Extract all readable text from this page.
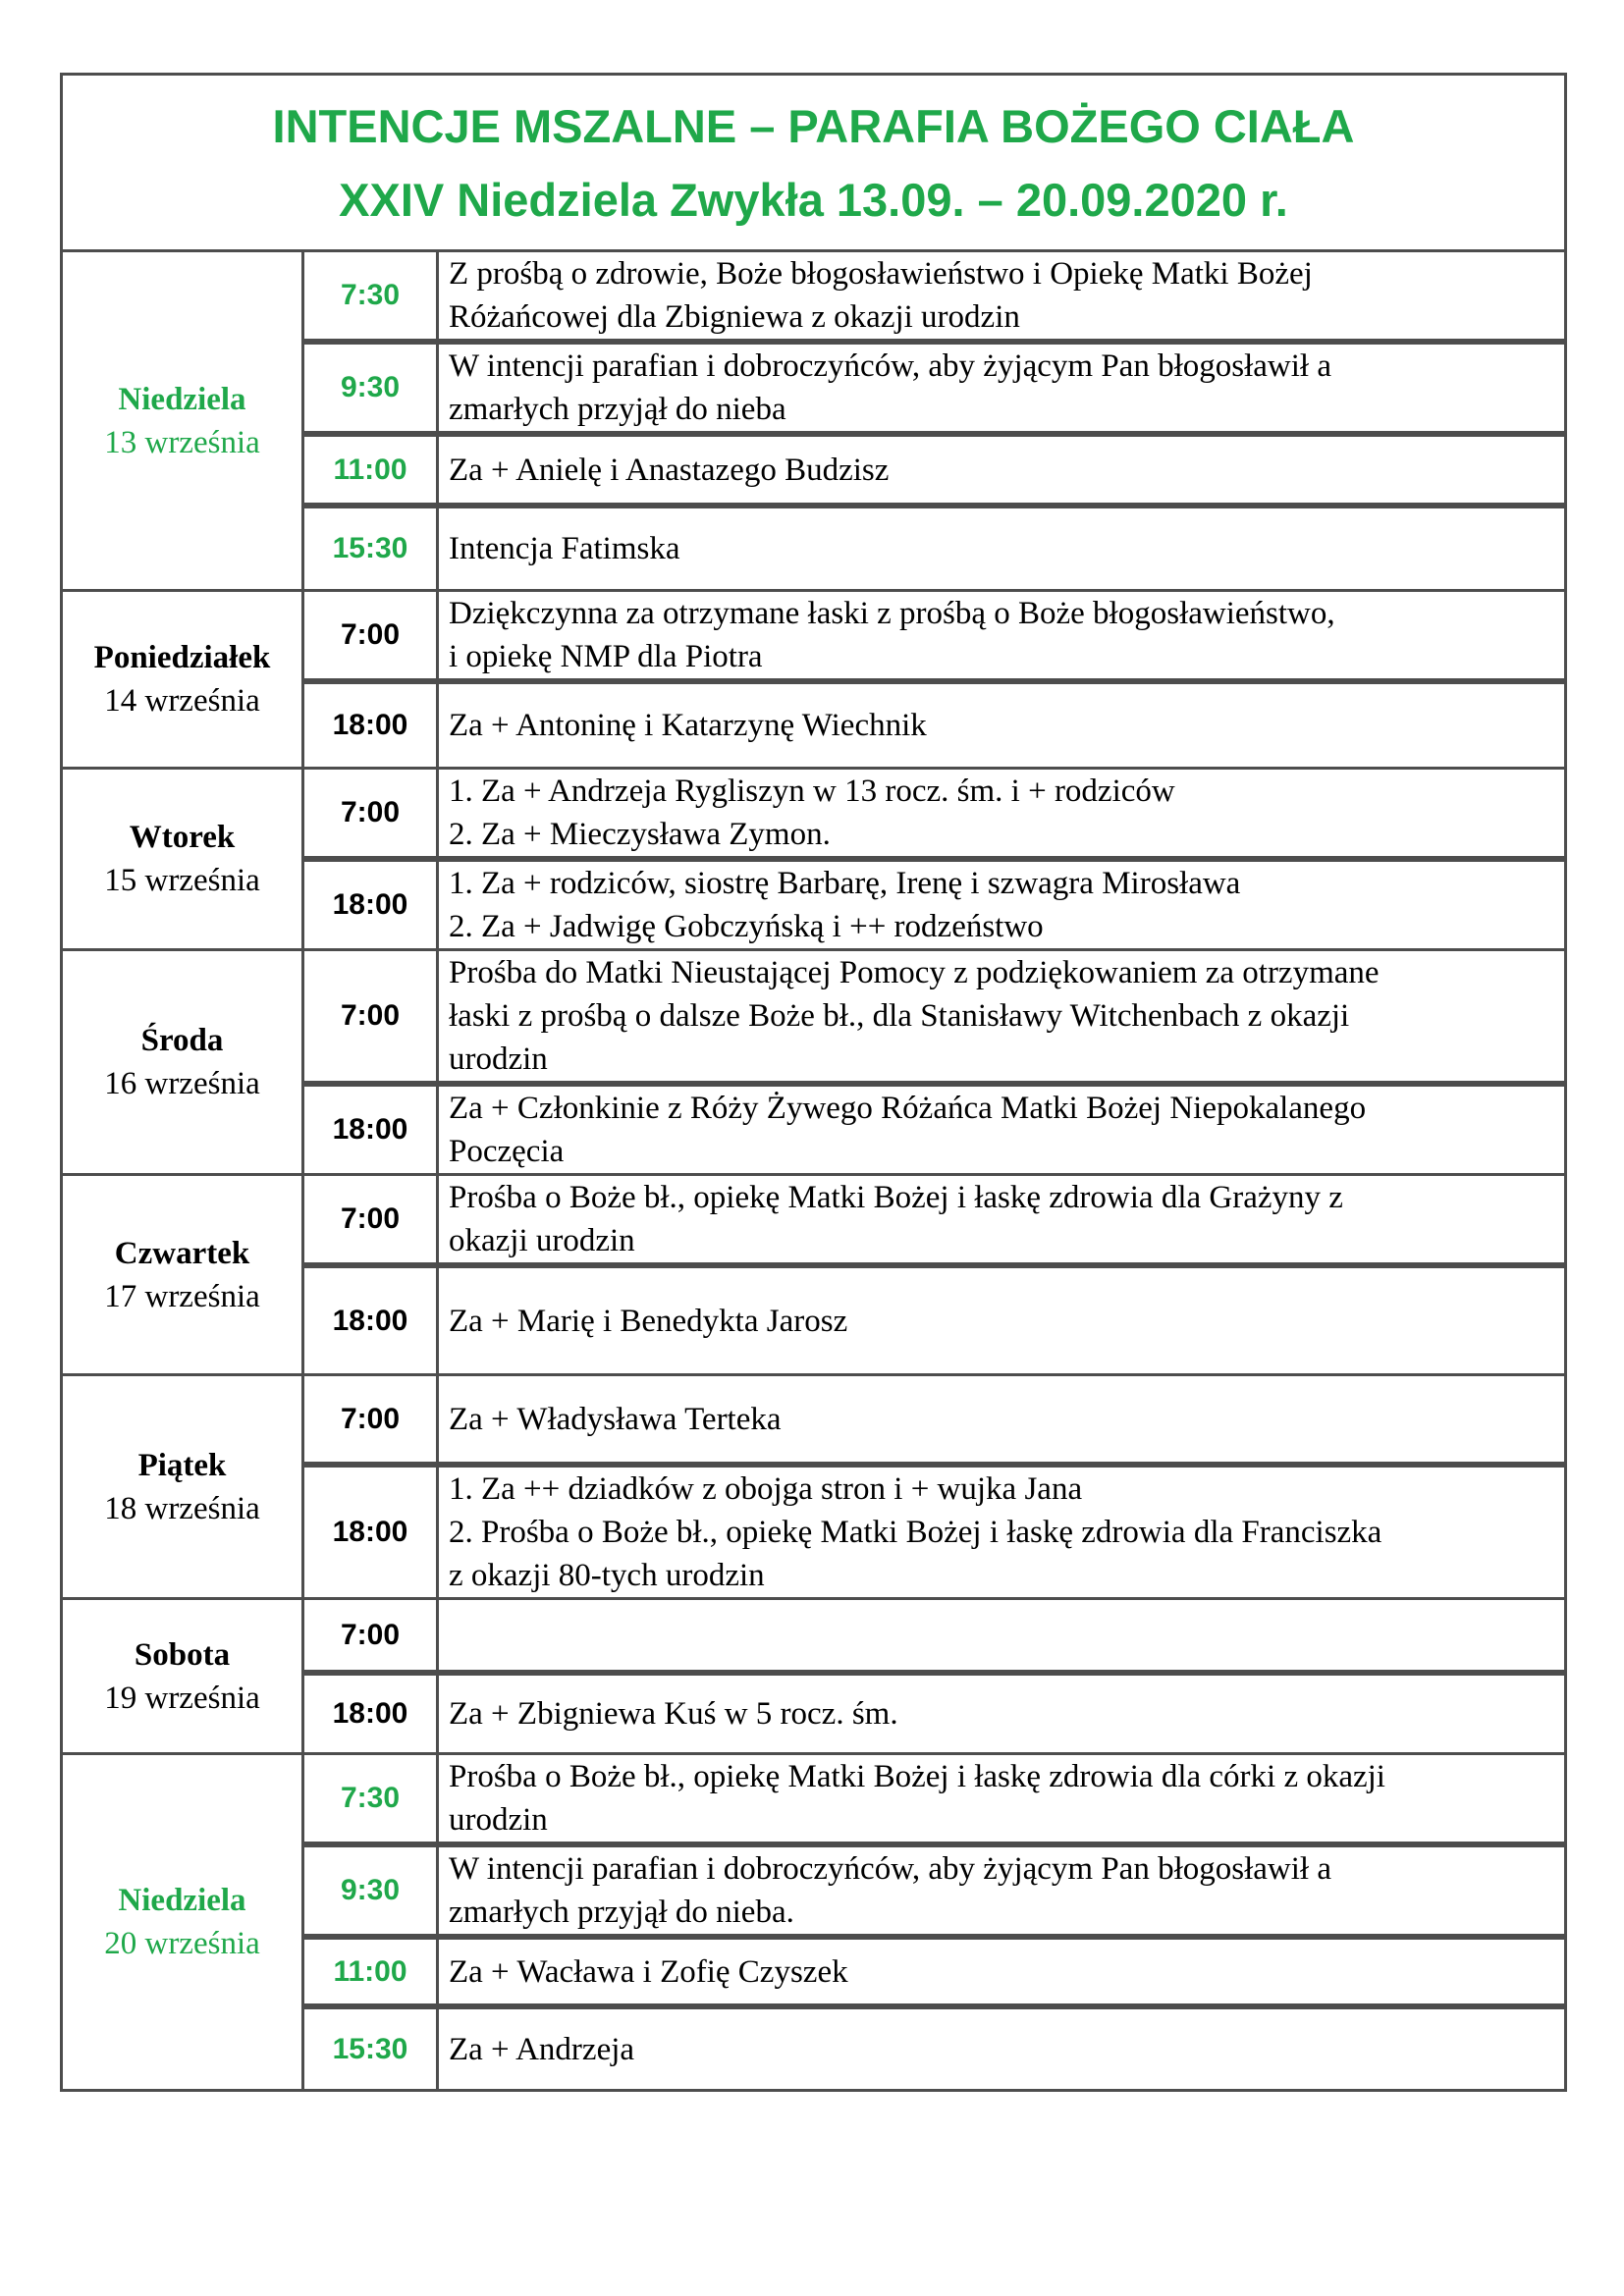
INTENCJE MSZALNE – PARAFIA BOŻEGO CIAŁA
XXIV Niedziela Zwykła 13.09. – 20.09.2020 r.		

Niedziela
13 września	7:30	Z prośbą o zdrowie, Boże błogosławieństwo i Opiekę Matki Bożej
Różańcowej dla Zbigniewa z okazji urodzin

	9:30	W intencji parafian i dobroczyńców, aby żyjącym Pan błogosławił a
zmarłych przyjął do nieba

	11:00	Za + Anielę i Anastazego Budzisz

	15:30	Intencja Fatimska

Poniedziałek
14 września	7:00	Dziękczynna za otrzymane łaski z prośbą o Boże błogosławieństwo,
i opiekę NMP dla Piotra

	18:00	Za + Antoninę i Katarzynę Wiechnik

Wtorek
15 września	7:00	1. Za + Andrzeja Rygliszyn w 13 rocz. śm. i + rodziców
2. Za + Mieczysława Zymon.

	18:00	1. Za + rodziców, siostrę Barbarę, Irenę i szwagra Mirosława
2. Za + Jadwigę Gobczyńską i ++ rodzeństwo

Środa
16 września	7:00	Prośba do Matki Nieustającej Pomocy z podziękowaniem za otrzymane
łaski z prośbą o dalsze Boże bł., dla Stanisławy Witchenbach z okazji
urodzin

	18:00	Za + Członkinie z Róży Żywego Różańca Matki Bożej Niepokalanego
Poczęcia

Czwartek
17 września	7:00	Prośba o Boże bł., opiekę Matki Bożej i łaskę zdrowia dla Grażyny z
okazji urodzin

	18:00	Za + Marię i Benedykta Jarosz

Piątek
18 września	7:00	Za + Władysława Terteka

	18:00	1. Za ++ dziadków z obojga stron i + wujka Jana
2. Prośba o Boże bł., opiekę Matki Bożej i łaskę zdrowia dla Franciszka
z okazji 80-tych urodzin

Sobota
19 września	7:00	

	18:00	Za + Zbigniewa Kuś w 5 rocz. śm.

Niedziela
20 września	7:30	Prośba o Boże bł., opiekę Matki Bożej i łaskę zdrowia dla córki z okazji
urodzin

	9:30	W intencji parafian i dobroczyńców, aby żyjącym Pan błogosławił a
zmarłych przyjął do nieba.

	11:00	Za + Wacława i Zofię Czyszek

	15:30	Za + Andrzeja
